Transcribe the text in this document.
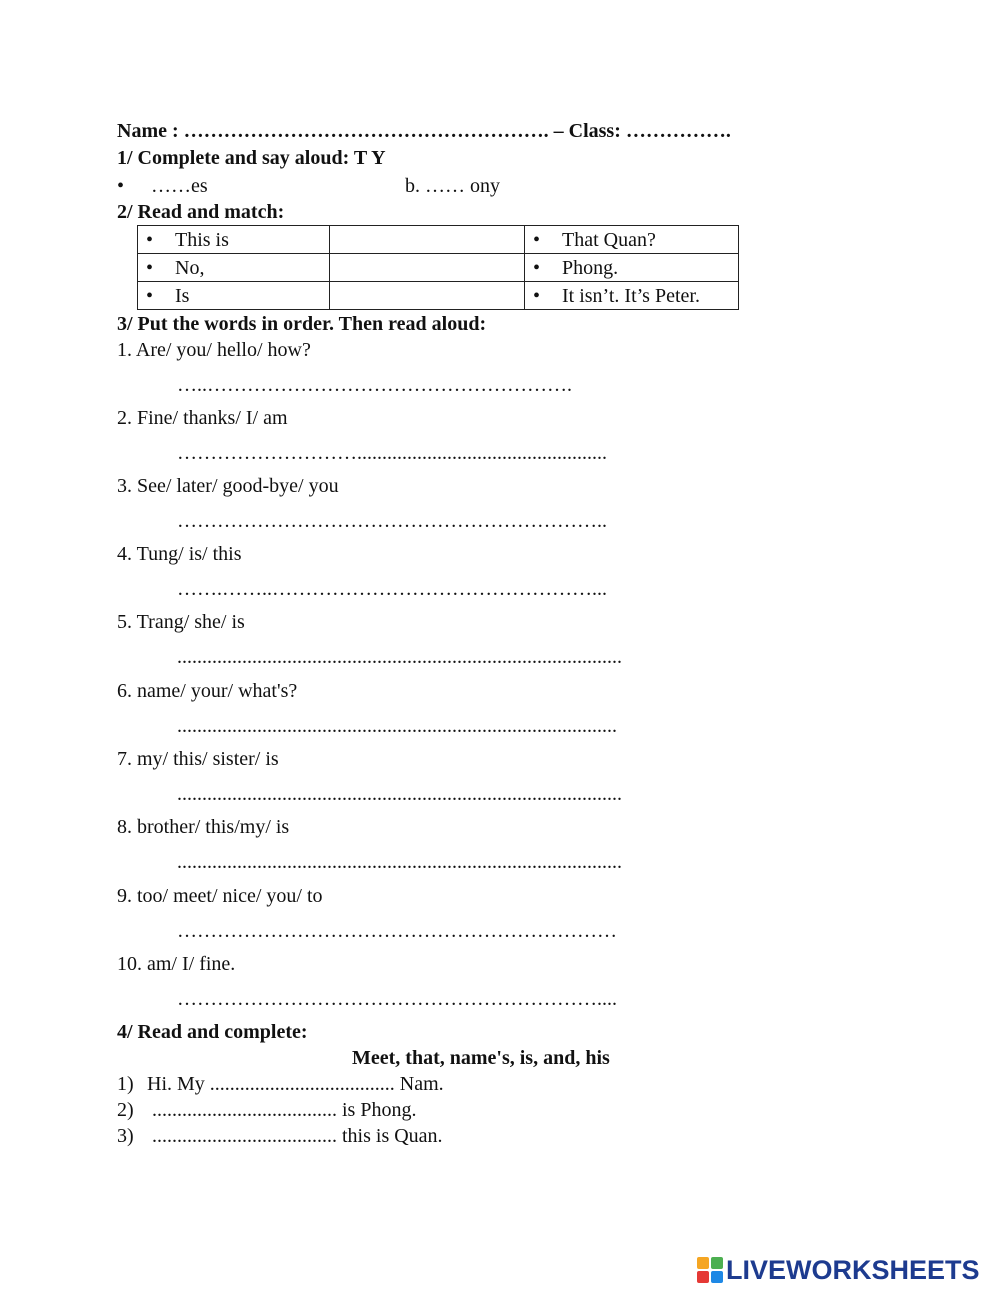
Name : ………………………………………………. – Class: …………….
1/ Complete and say aloud: T Y
• ……es	b. …… ony
2/ Read and match:
• This is		• That Quan?
• No,		• Phong.
• Is		• It isn’t. It’s Peter.
3/ Put the words in order. Then read aloud:
1. Are/ you/ hello/ how?
…..……………………………………………….
2. Fine/ thanks/ I/ am
………………………..................................................
3. See/ later/ good-bye/ you
………………………………………………………..
4. Tung/ is/ this
…….……..…………………………………………...
5. Trang/ she/ is
.........................................................................................
6. name/ your/ what's?
........................................................................................
7. my/ this/ sister/ is
.........................................................................................
8. brother/ this/my/ is
.........................................................................................
9. too/ meet/ nice/ you/ to
…………………………………………………………
10. am/ I/ fine.
………………………………………………………....
4/ Read and complete:
Meet, that, name's, is, and, his
1) Hi. My ..................................... Nam.
2) ..................................... is Phong.
3) ..................................... this is Quan.
LIVEWORKSHEETS
